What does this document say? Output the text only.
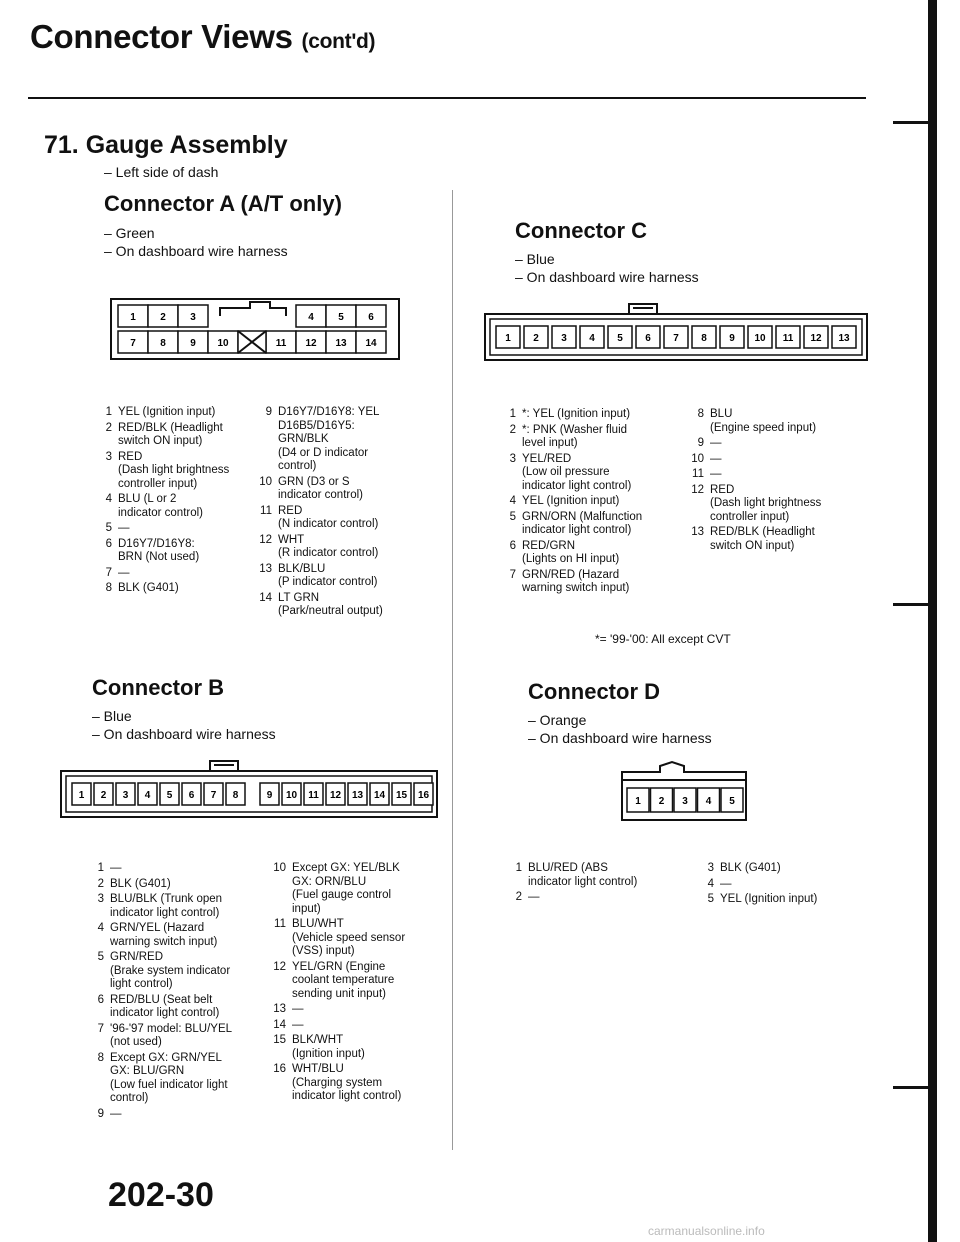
Connector Views (cont'd)
71. Gauge Assembly
– Left side of dash
Connector A (A/T only)
– Green
– On dashboard wire harness
1 2 3	4 5 6
7 8 9 10	11 12 13 14
1 YEL (Ignition input)
2 RED/BLK (Headlight
switch ON input)
3 RED
(Dash light brightness
controller input)
4 BLU (L or 2
indicator control)
5 —
6 D16Y7/D16Y8:
BRN (Not used)
7 —
8 BLK (G401)
9 D16Y7/D16Y8: YEL
D16B5/D16Y5:
GRN/BLK
(D4 or D indicator
control)
10 GRN (D3 or S
indicator control)
11 RED
(N indicator control)
12 WHT
(R indicator control)
13 BLK/BLU
(P indicator control)
14 LT GRN
(Park/neutral output)
Connector B
– Blue
– On dashboard wire harness
1 2 3 4 5 6 7 8	9 10 11 12 13 14 15 16
1 —
2 BLK (G401)
3 BLU/BLK (Trunk open
indicator light control)
4 GRN/YEL (Hazard
warning switch input)
5 GRN/RED
(Brake system indicator
light control)
6 RED/BLU (Seat belt
indicator light control)
7 '96-'97 model: BLU/YEL
(not used)
8 Except GX: GRN/YEL
GX: BLU/GRN
(Low fuel indicator light
control)
9 —
10 Except GX: YEL/BLK
GX: ORN/BLU
(Fuel gauge control
input)
11 BLU/WHT
(Vehicle speed sensor
(VSS) input)
12 YEL/GRN (Engine
coolant temperature
sending unit input)
13 —
14 —
15 BLK/WHT
(Ignition input)
16 WHT/BLU
(Charging system
indicator light control)
Connector C
– Blue
– On dashboard wire harness
1 2 3 4 5 6 7 8 9 10 11 12 13
1 *: YEL (Ignition input)
2 *: PNK (Washer fluid
level input)
3 YEL/RED
(Low oil pressure
indicator light control)
4 YEL (Ignition input)
5 GRN/ORN (Malfunction
indicator light control)
6 RED/GRN
(Lights on HI input)
7 GRN/RED (Hazard
warning switch input)
8 BLU
(Engine speed input)
9 —
10 —
11 —
12 RED
(Dash light brightness
controller input)
13 RED/BLK (Headlight
switch ON input)
*= '99-'00: All except CVT
Connector D
– Orange
– On dashboard wire harness
1 2 3 4 5
1 BLU/RED (ABS
indicator light control)
2 —
3 BLK (G401)
4 —
5 YEL (Ignition input)
202-30
carmanualsonline.info
